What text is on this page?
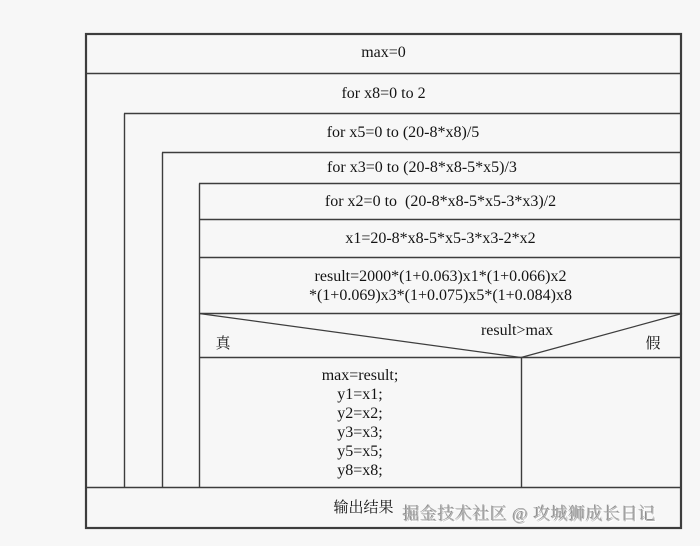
max=0
for x8=0 to 2
for x5=0 to (20-8*x8)/5
for x3=0 to (20-8*x8-5*x5)/3
for x2=0 to  (20-8*x8-5*x5-3*x3)/2
x1=20-8*x8-5*x5-3*x3-2*x2
result=2000*(1+0.063)x1*(1+0.066)x2
*(1+0.069)x3*(1+0.075)x5*(1+0.084)x8
result>max
真	假
max=result;
y1=x1;
y2=x2;
y3=x3;
y5=x5;
y8=x8;
输出结果 掘金技术社区 @ 攻城狮成长日记
